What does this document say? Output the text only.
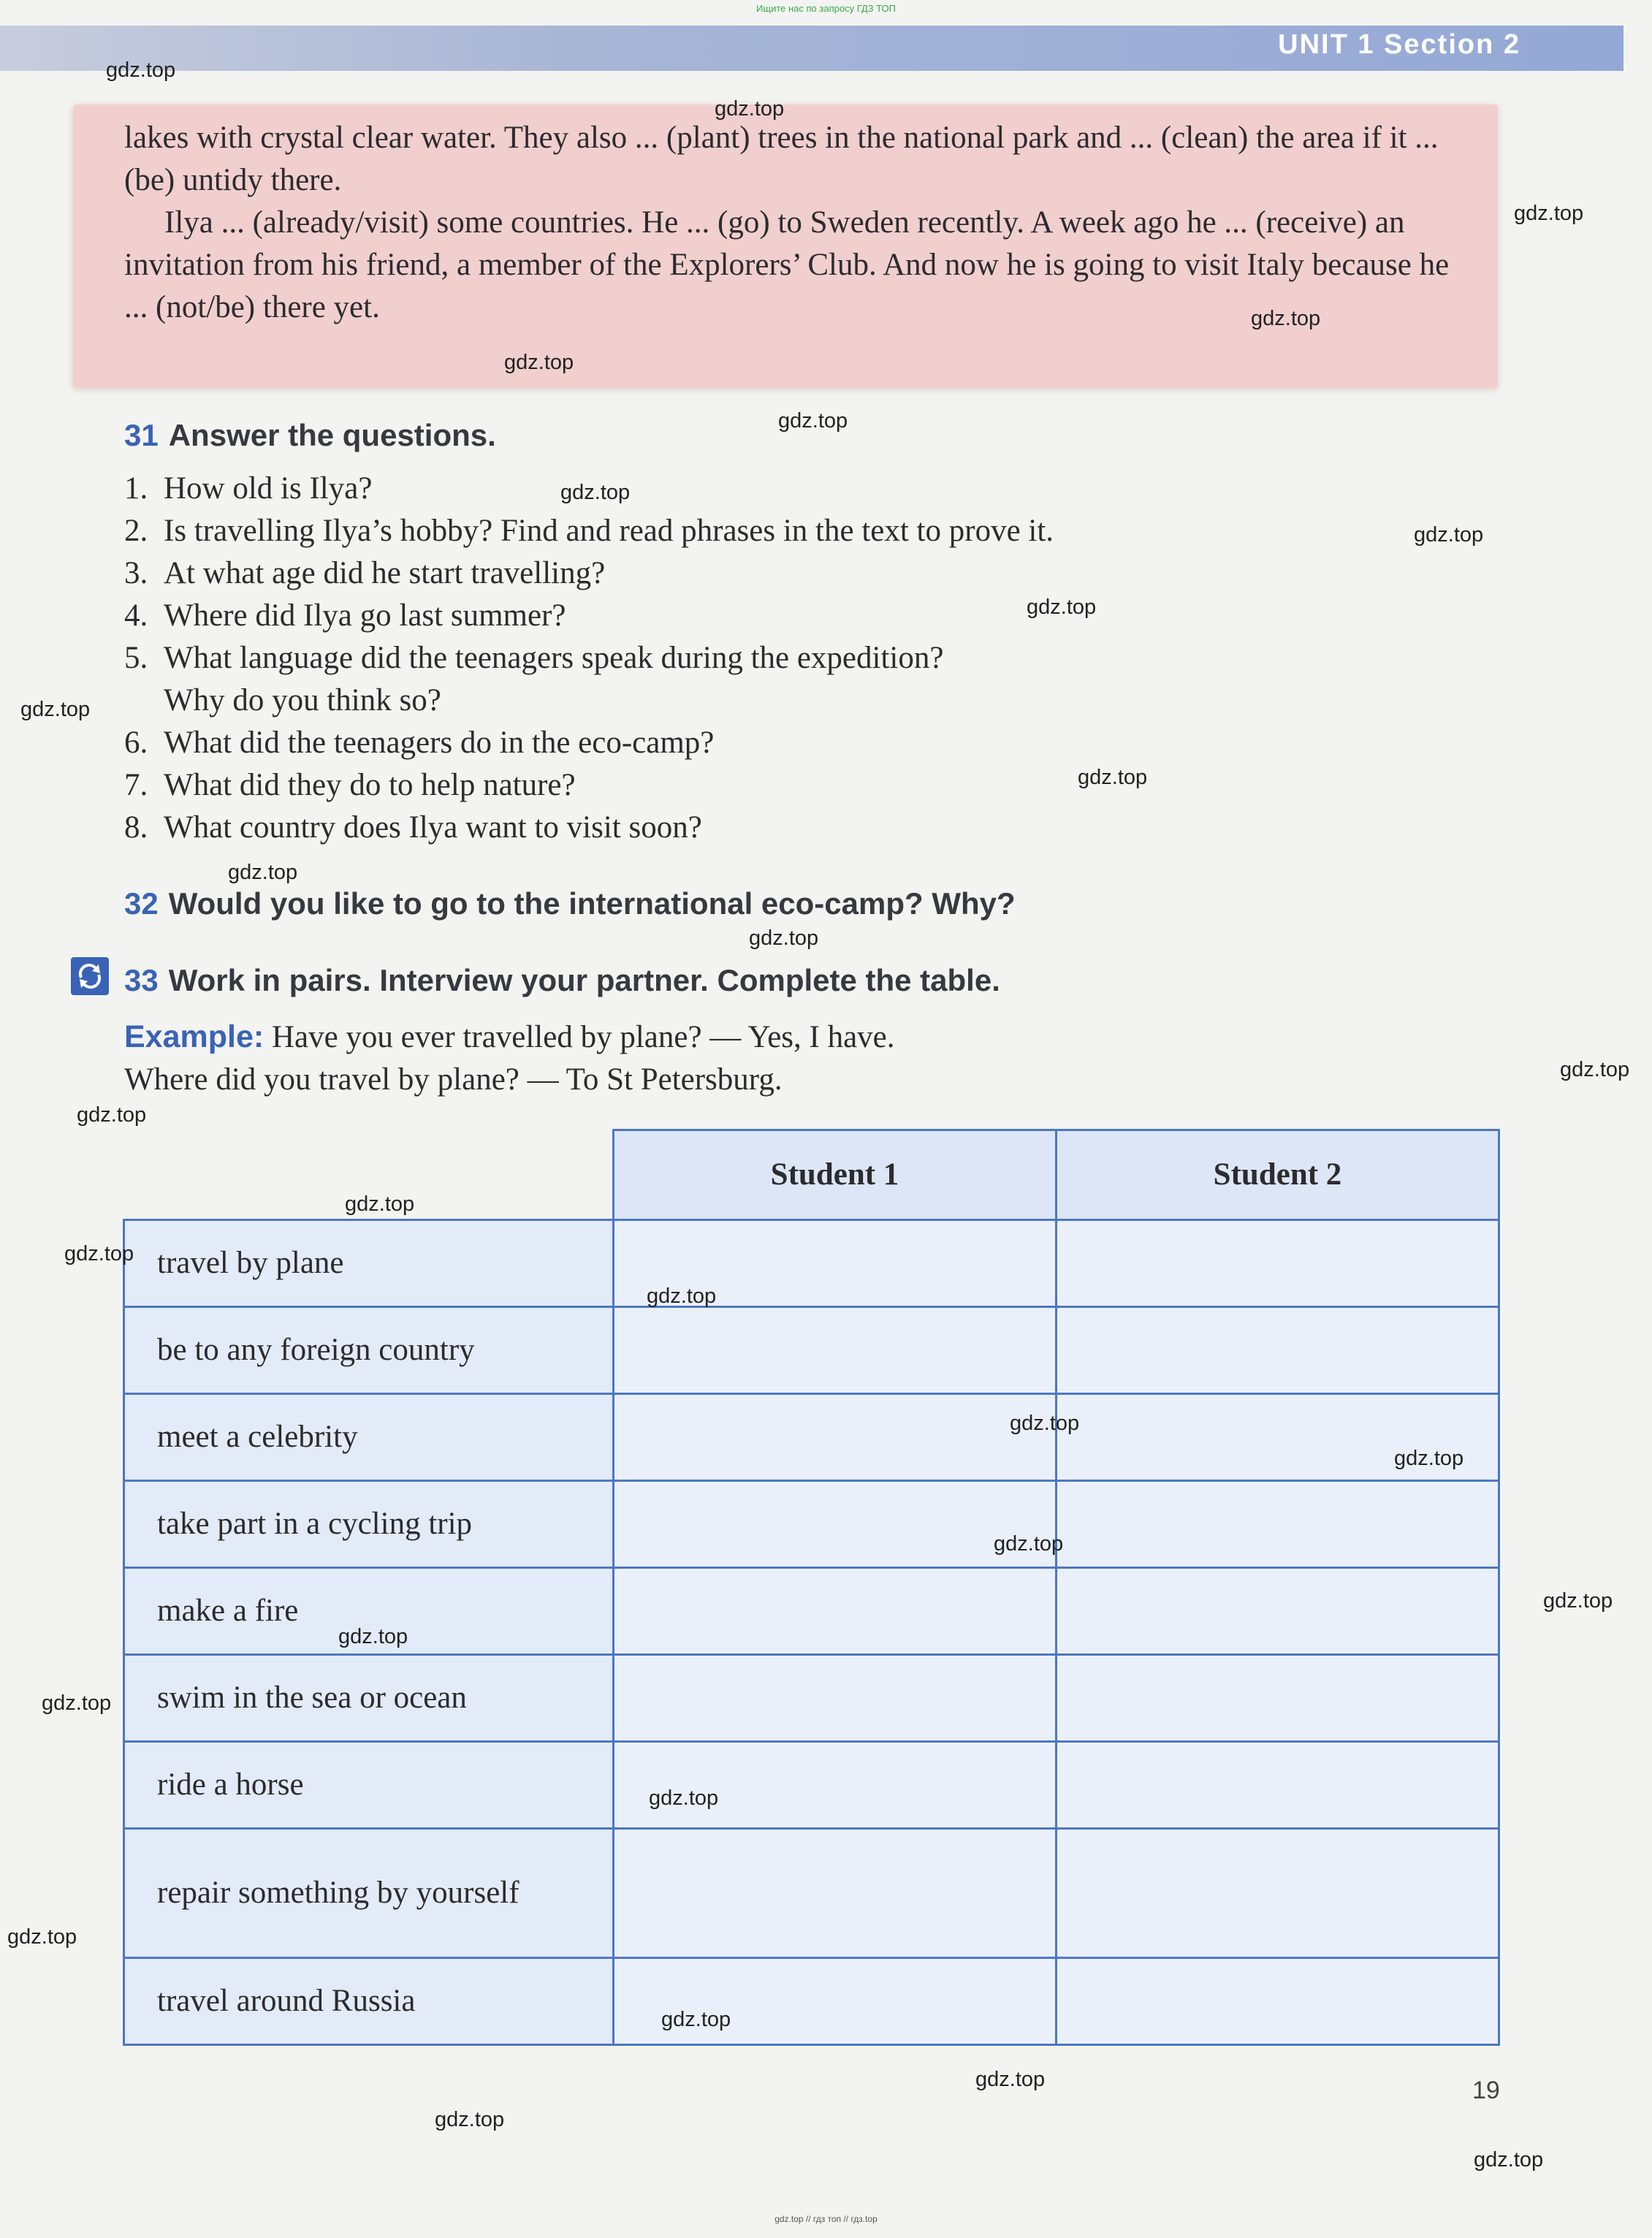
Ищите нас по запросу ГДЗ ТОП
UNIT 1 Section 2

lakes with crystal clear water. They also ... (plant) trees in the national park and ... (clean) the area if it ... (be) untidy there.

Ilya ... (already/visit) some countries. He ... (go) to Sweden recently. A week ago he ... (receive) an invitation from his friend, a member of the Explorers’ Club. And now he is going to visit Italy because he ... (not/be) there yet.

31 Answer the questions.
1. How old is Ilya?
2. Is travelling Ilya’s hobby? Find and read phrases in the text to prove it.
3. At what age did he start travelling?
4. Where did Ilya go last summer?
5. What language did the teenagers speak during the expedition?
Why do you think so?
6. What did the teenagers do in the eco-camp?
7. What did they do to help nature?
8. What country does Ilya want to visit soon?
32 Would you like to go to the international eco-camp? Why?
33 Work in pairs. Interview your partner. Complete the table.
Example: Have you ever travelled by plane? — Yes, I have.
Where did you travel by plane? — To St Petersburg.
	Student 1	Student 2
travel by plane		
be to any foreign country		
meet a celebrity		
take part in a cycling trip		
make a fire		
swim in the sea or ocean		
ride a horse		
repair something by yourself		
travel around Russia		
19
gdz.top
gdz.top
gdz.top
gdz.top
gdz.top
gdz.top
gdz.top
gdz.top
gdz.top
gdz.top
gdz.top
gdz.top
gdz.top
gdz.top
gdz.top
gdz.top
gdz.top
gdz.top
gdz.top
gdz.top
gdz.top
gdz.top
gdz.top
gdz.top
gdz.top
gdz.top
gdz.top
gdz.top
gdz.top
gdz.top
gdz.top // гдз топ // гдз.top
